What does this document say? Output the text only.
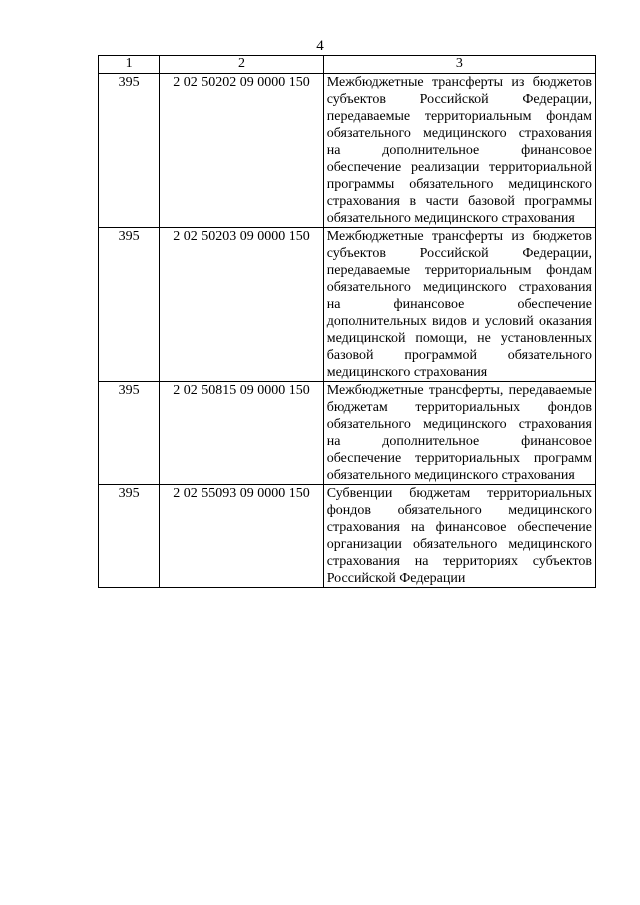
4
1	2	3
395	2 02 50202 09 0000 150	Межбюджетные трансферты из бюджетов субъектов Российской Федерации, передаваемые территориальным фондам обязательного медицинского страхования на дополнительное финансовое обеспечение реализации территориальной программы обязательного медицинского страхования в части базовой программы обязательного медицинского страхования
395	2 02 50203 09 0000 150	Межбюджетные трансферты из бюджетов субъектов Российской Федерации, передаваемые территориальным фондам обязательного медицинского страхования на финансовое обеспечение дополнительных видов и условий оказания медицинской помощи, не установленных базовой программой обязательного медицинского страхования
395	2 02 50815 09 0000 150	Межбюджетные трансферты, передаваемые бюджетам территориальных фондов обязательного медицинского страхования на дополнительное финансовое обеспечение территориальных программ обязательного медицинского страхования
395	2 02 55093 09 0000 150	Субвенции бюджетам территориальных фондов обязательного медицинского страхования на финансовое обеспечение организации обязательного медицинского страхования на территориях субъектов Российской Федерации
